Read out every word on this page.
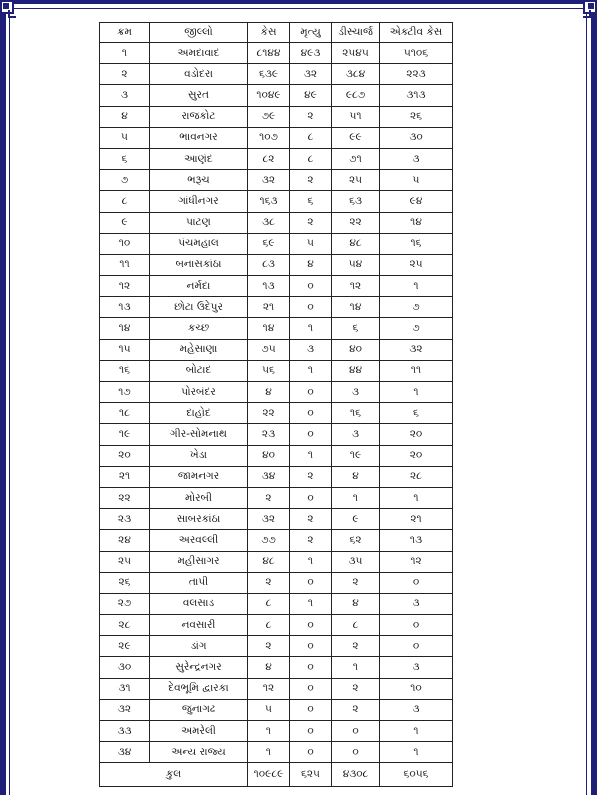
ક્રમ	જીલ્લો	કેસ	મૃત્યુ	ડીસ્ચાર્જ	એક્ટીવ કેસ
૧	અમદાવાદ	૮૧૪૪	૪૯૩	૨૫૪૫	૫૧૦૬
૨	વડોદરા	૬૩૯	૩૨	૩૮૪	૨૨૩
૩	સુરત	૧૦૪૯	૪૯	૯૮૭	૩૧૩
૪	રાજકોટ	૭૯	૨	૫૧	૨૬
૫	ભાવનગર	૧૦૭	૮	૯૯	૩૦
૬	આણંદ	૮૨	૮	૭૧	૩
૭	ભરૂચ	૩૨	૨	૨૫	૫
૮	ગાંધીનગર	૧૬૩	૬	૬૩	૯૪
૯	પાટણ	૩૮	૨	૨૨	૧૪
૧૦	પંચમહાલ	૬૯	૫	૪૮	૧૬
૧૧	બનાસકાંઠા	૮૩	૪	૫૪	૨૫
૧૨	નર્મદા	૧૩	૦	૧૨	૧
૧૩	છોટા ઉદેપુર	૨૧	૦	૧૪	૭
૧૪	કચ્છ	૧૪	૧	૬	૭
૧૫	મહેસાણા	૭૫	૩	૪૦	૩૨
૧૬	બોટાદ	૫૬	૧	૪૪	૧૧
૧૭	પોરબંદર	૪	૦	૩	૧
૧૮	દાહોદ	૨૨	૦	૧૬	૬
૧૯	ગીર-સોમનાથ	૨૩	૦	૩	૨૦
૨૦	ખેડા	૪૦	૧	૧૯	૨૦
૨૧	જામનગર	૩૪	૨	૪	૨૮
૨૨	મોરબી	૨	૦	૧	૧
૨૩	સાબરકાંઠા	૩૨	૨	૯	૨૧
૨૪	અરવલ્લી	૭૭	૨	૬૨	૧૩
૨૫	મહીસાગર	૪૮	૧	૩૫	૧૨
૨૬	તાપી	૨	૦	૨	૦
૨૭	વલસાડ	૮	૧	૪	૩
૨૮	નવસારી	૮	૦	૮	૦
૨૯	ડાંગ	૨	૦	૨	૦
૩૦	સુરેન્દ્રનગર	૪	૦	૧	૩
૩૧	દેવભૂમિ દ્વારકા	૧૨	૦	૨	૧૦
૩૨	જુનાગઢ	૫	૦	૨	૩
૩૩	અમરેલી	૧	૦	૦	૧
૩૪	અન્ય રાજ્ય	૧	૦	૦	૧
કુલ		૧૦૯૮૯	૬૨૫	૪૩૦૮	૬૦૫૬
